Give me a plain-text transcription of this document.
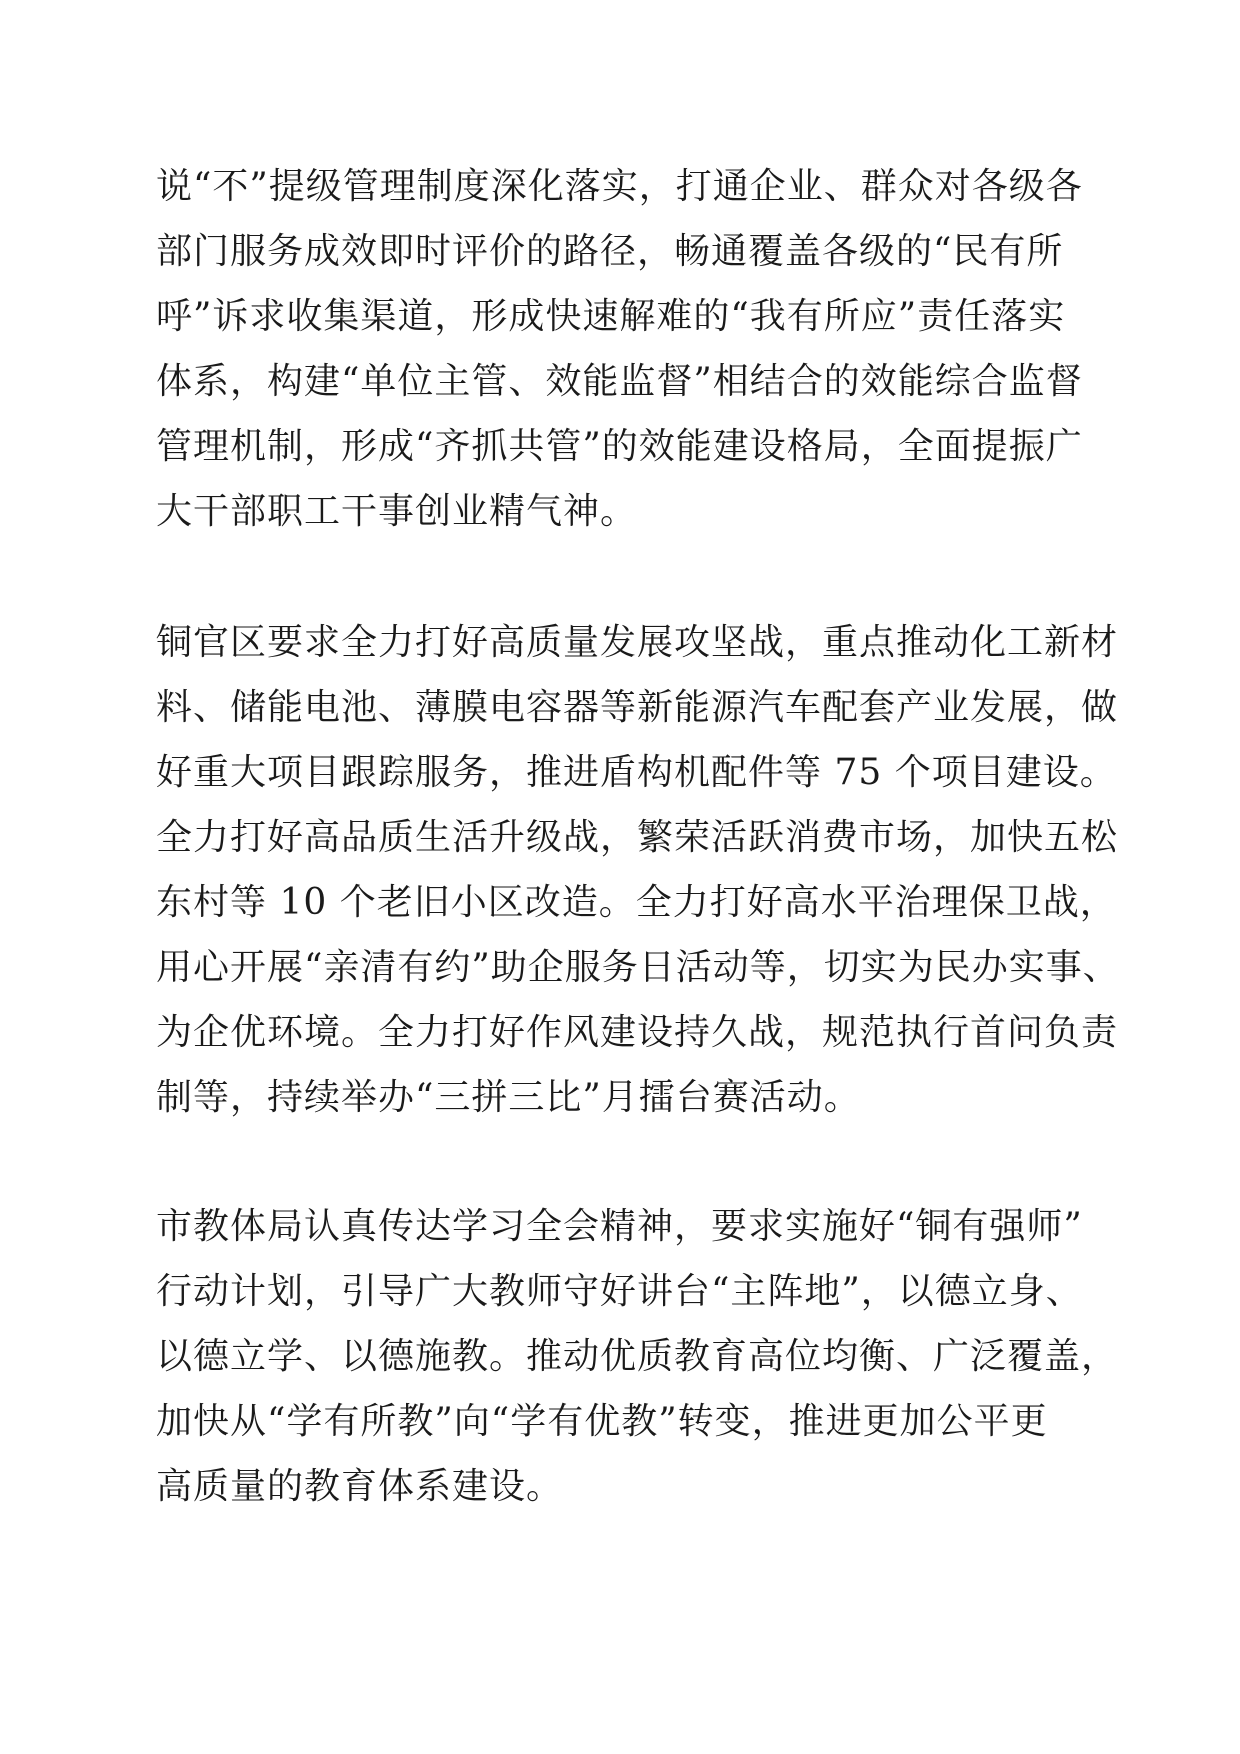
说“不”提级管理制度深化落实，打通企业、群众对各级各
部门服务成效即时评价的路径，畅通覆盖各级的“民有所
呼”诉求收集渠道，形成快速解难的“我有所应”责任落实
体系，构建“单位主管、效能监督”相结合的效能综合监督
管理机制，形成“齐抓共管”的效能建设格局，全面提振广
大干部职工干事创业精气神。
铜官区要求全力打好高质量发展攻坚战，重点推动化工新材
料、储能电池、薄膜电容器等新能源汽车配套产业发展，做
好重大项目跟踪服务，推进盾构机配件等 75 个项目建设。
全力打好高品质生活升级战，繁荣活跃消费市场，加快五松
东村等 10 个老旧小区改造。全力打好高水平治理保卫战，
用心开展“亲清有约”助企服务日活动等，切实为民办实事、
为企优环境。全力打好作风建设持久战，规范执行首问负责
制等，持续举办“三拼三比”月擂台赛活动。
市教体局认真传达学习全会精神，要求实施好“铜有强师”
行动计划，引导广大教师守好讲台“主阵地”，以德立身、
以德立学、以德施教。推动优质教育高位均衡、广泛覆盖，
加快从“学有所教”向“学有优教”转变，推进更加公平更
高质量的教育体系建设。
